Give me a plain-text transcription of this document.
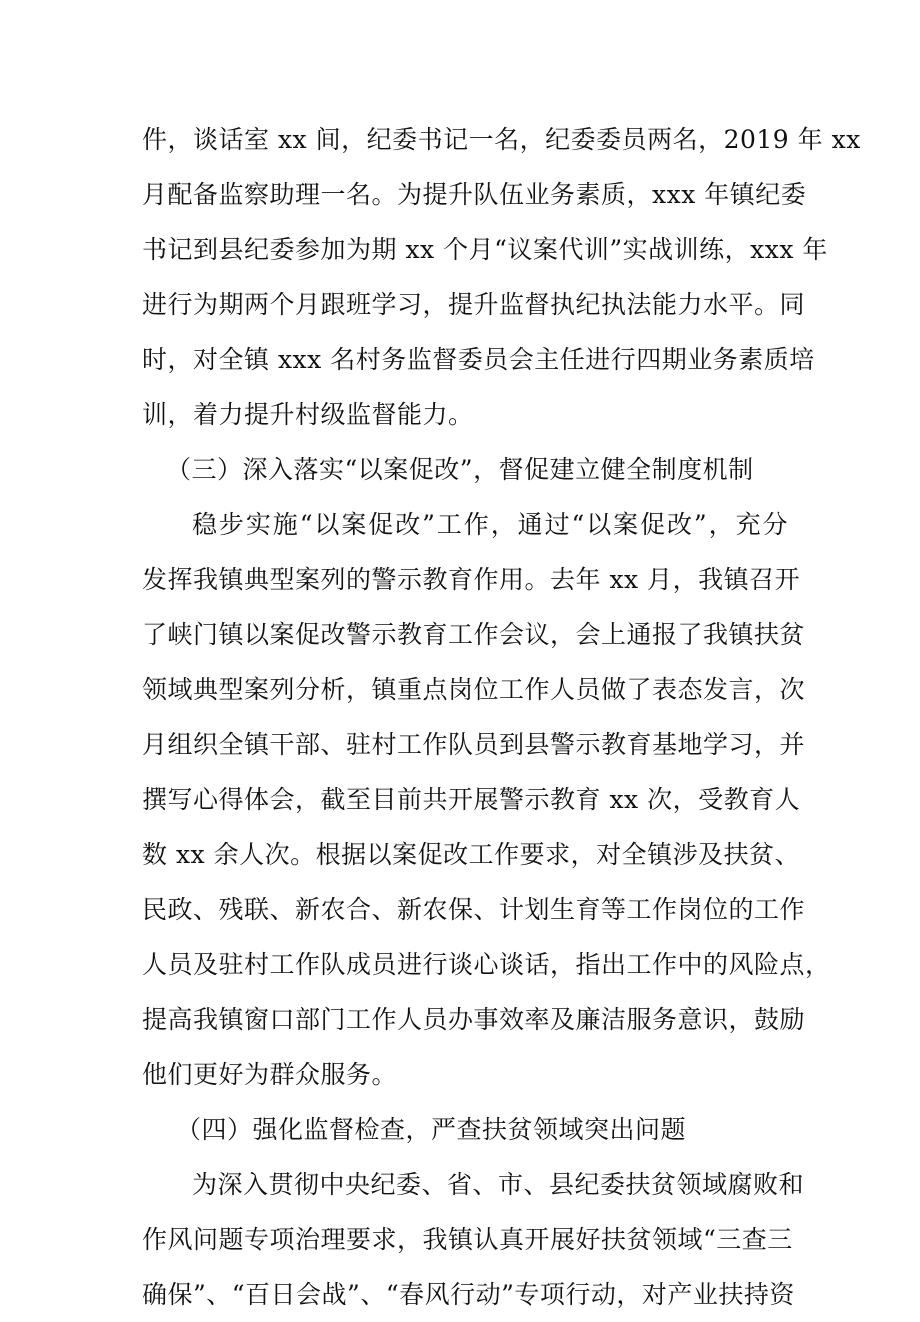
件，谈话室 xx 间，纪委书记一名，纪委委员两名，2019 年 xx
月配备监察助理一名。为提升队伍业务素质，xxx 年镇纪委
书记到县纪委参加为期 xx 个月“议案代训”实战训练，xxx 年
进行为期两个月跟班学习，提升监督执纪执法能力水平。同
时，对全镇 xxx 名村务监督委员会主任进行四期业务素质培
训，着力提升村级监督能力。
（三）深入落实“以案促改”，督促建立健全制度机制
稳步实施“以案促改”工作，通过“以案促改”，充分
发挥我镇典型案列的警示教育作用。去年 xx 月，我镇召开
了峡门镇以案促改警示教育工作会议，会上通报了我镇扶贫
领域典型案列分析，镇重点岗位工作人员做了表态发言，次
月组织全镇干部、驻村工作队员到县警示教育基地学习，并
撰写心得体会，截至目前共开展警示教育 xx 次，受教育人
数 xx 余人次。根据以案促改工作要求，对全镇涉及扶贫、
民政、残联、新农合、新农保、计划生育等工作岗位的工作
人员及驻村工作队成员进行谈心谈话，指出工作中的风险点，
提高我镇窗口部门工作人员办事效率及廉洁服务意识，鼓励
他们更好为群众服务。
（四）强化监督检查，严查扶贫领域突出问题
为深入贯彻中央纪委、省、市、县纪委扶贫领域腐败和
作风问题专项治理要求，我镇认真开展好扶贫领域“三查三
确保”、“百日会战”、“春风行动”专项行动，对产业扶持资
